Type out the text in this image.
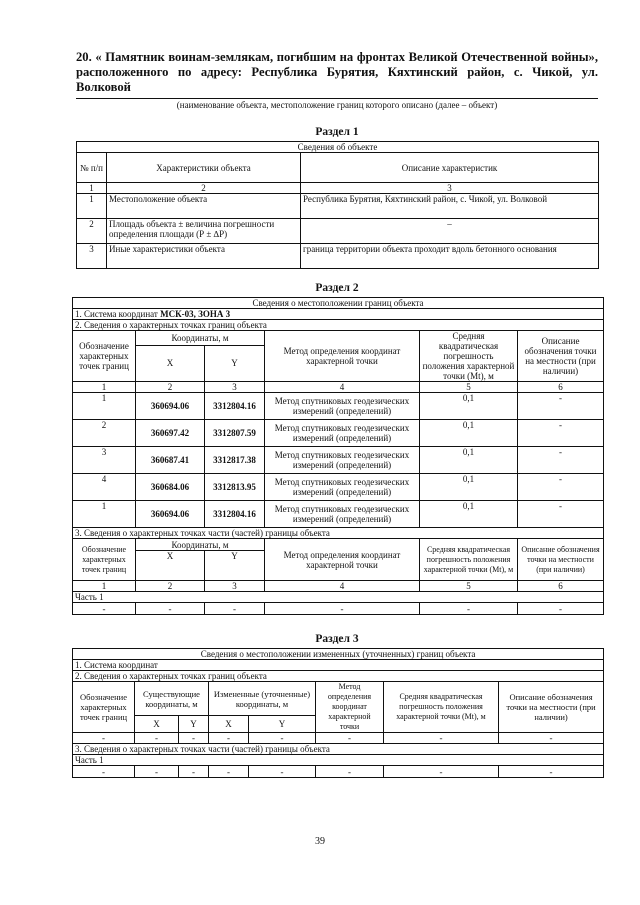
20. « Памятник воинам-землякам, погибшим на фронтах Великой Отечественной войны», расположенного по адресу: Республика Бурятия, Кяхтинский район, с. Чикой, ул. Волковой
(наименование объекта, местоположение границ которого описано (далее – объект)
Раздел 1
Сведения об объекте		
№ п/п	Характеристики объекта	Описание характеристик
1	2	3
1	Местоположение объекта	Республика Бурятия, Кяхтинский район, с. Чикой, ул. Волковой
2	Площадь объекта ± величина погрешности определения площади (Р ± ∆Р)	–
3	Иные характеристики объекта	граница территории объекта проходит вдоль бетонного основания
Раздел 2
Сведения о местоположении границ объекта					
1. Система координат МСК-03, ЗОНА 3					
2. Сведения о характерных точках границ объекта					
Обозначение характерных точек границ	Координаты, м		Метод определения координат характерной точки	Средняя квадратическая погрешность положения характерной точки (Mt), м	Описание обозначения точки на местности (при наличии)
	X	Y			
1	2	3	4	5	6
1	360694.06	3312804.16	Метод спутниковых геодезических измерений (определений)	0,1	-
2	360697.42	3312807.59	Метод спутниковых геодезических измерений (определений)	0,1	-
3	360687.41	3312817.38	Метод спутниковых геодезических измерений (определений)	0,1	-
4	360684.06	3312813.95	Метод спутниковых геодезических измерений (определений)	0,1	-
1	360694.06	3312804.16	Метод спутниковых геодезических измерений (определений)	0,1	-
3. Сведения о характерных точках части (частей) границы объекта					
Обозначение характерных точек границ	Координаты, м		Метод определения координат характерной точки	Средняя квадратическая погрешность положения характерной точки (Mt), м	Описание обозначения точки на местности (при наличии)
	X	Y			
1	2	3	4	5	6
Часть 1					
-	-	-	-	-	-
Раздел 3
Сведения о местоположении измененных (уточненных) границ объекта							
1. Система координат							
2. Сведения о характерных точках границ объекта							
Обозначение характерных точек границ	Существующие координаты, м		Измененные (уточненные) координаты, м		Метод определения координат характерной точки	Средняя квадратическая погрешность положения характерной точки (Mt), м	Описание обозначения точки на местности (при наличии)
	X	Y	X	Y			
-	-	-	-	-	-	-	-
3. Сведения о характерных точках части (частей) границы объекта							
Часть 1							
-	-	-	-	-	-	-	-
39
